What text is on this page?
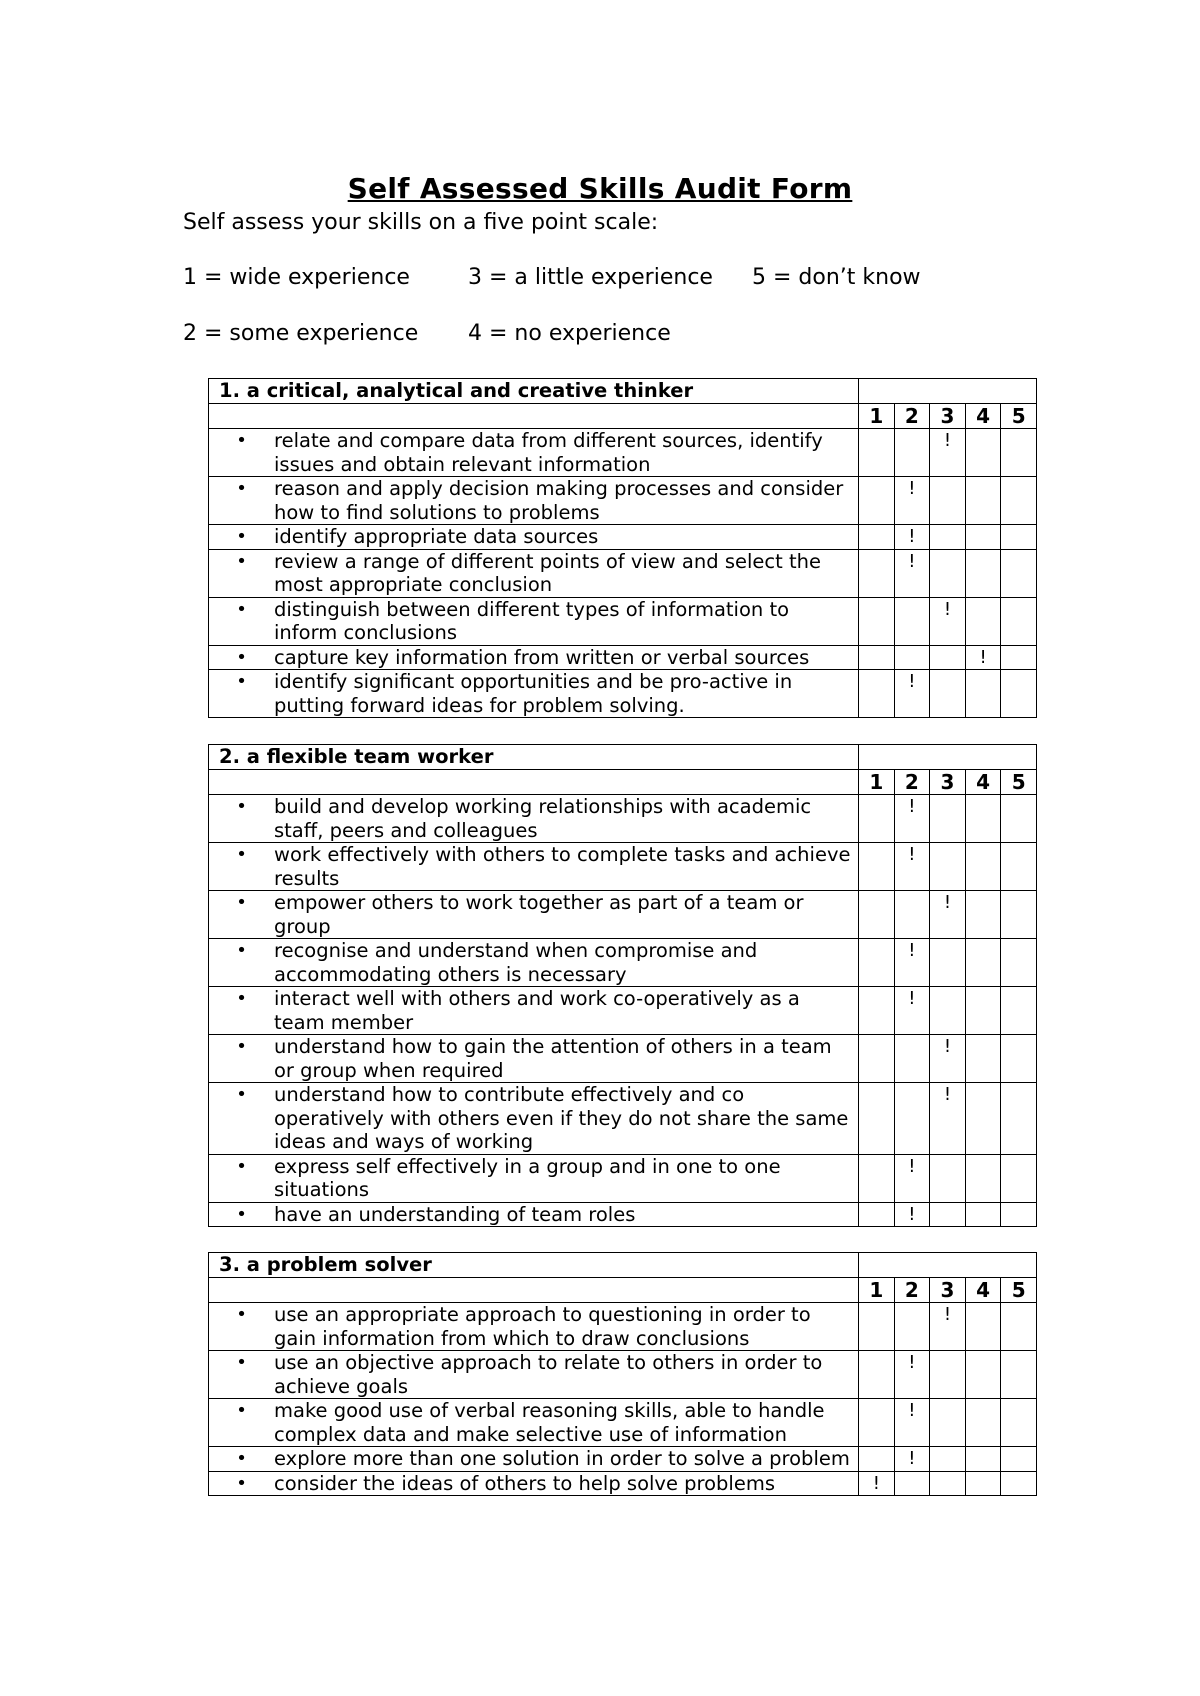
Self Assessed Skills Audit Form
Self assess your skills on a five point scale:
1 = wide experience	3 = a little experience 5 = don’t know
2 = some experience 4 = no experience
1. a critical, analytical and creative thinker					
	1	2	3	4	5

• relate and compare data from different sources, identify issues and obtain relevant information			!		

• reason and apply decision making processes and consider how to find solutions to problems		!			

• identify appropriate data sources		!			

• review a range of different points of view and select the most appropriate conclusion		!			

• distinguish between different types of information to inform conclusions			!		

• capture key information from written or verbal sources				!	

• identify significant opportunities and be pro-active in putting forward ideas for problem solving.		!			
2. a flexible team worker					
	1	2	3	4	5

• build and develop working relationships with academic staff, peers and colleagues		!			

• work effectively with others to complete tasks and achieve results		!			

• empower others to work together as part of a team or group			!		

• recognise and understand when compromise and accommodating others is necessary		!			

• interact well with others and work co-operatively as a team member		!			

• understand how to gain the attention of others in a team or group when required			!		

• understand how to contribute effectively and co operatively with others even if they do not share the same ideas and ways of working			!		

• express self effectively in a group and in one to one situations		!			

• have an understanding of team roles		!			
3. a problem solver					
	1	2	3	4	5

• use an appropriate approach to questioning in order to gain information from which to draw conclusions			!		

• use an objective approach to relate to others in order to achieve goals		!			

• make good use of verbal reasoning skills, able to handle complex data and make selective use of information		!			

• explore more than one solution in order to solve a problem		!			

• consider the ideas of others to help solve problems	!				
